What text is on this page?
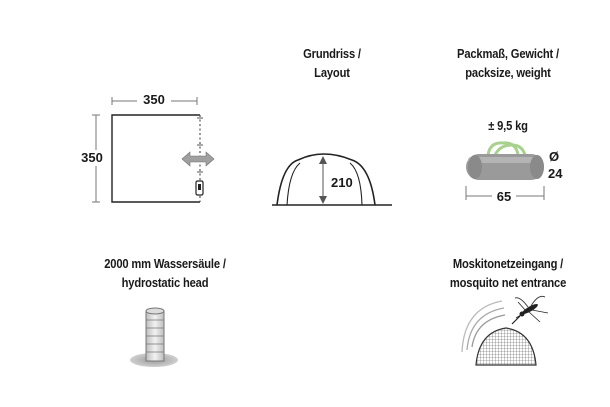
Grundriss /
Layout
Packmaß, Gewicht /
packsize, weight
± 9,5 kg
2000 mm Wassersäule /
hydrostatic head
Moskitonetzeingang /
mosquito net entrance
350
350
210
65
Ø
24
